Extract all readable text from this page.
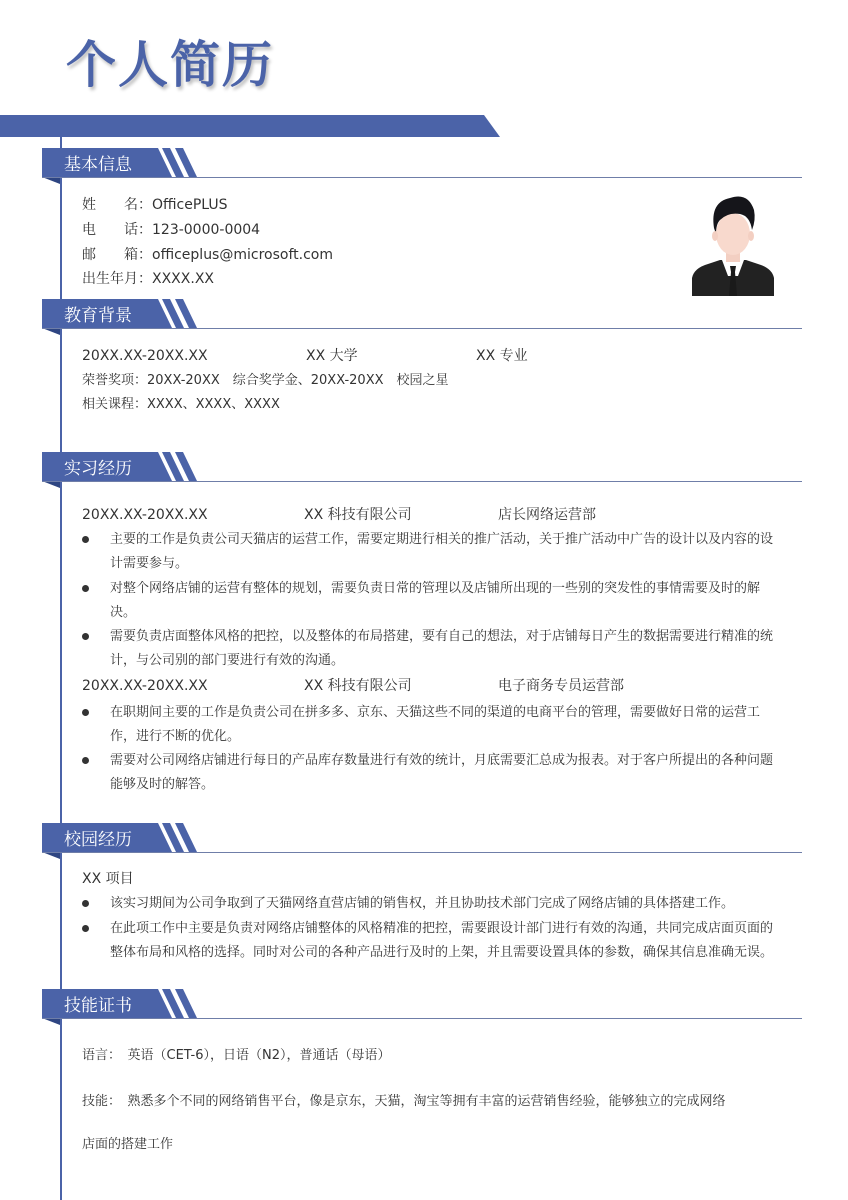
个人简历
基本信息
姓　　名：OfficePLUS
电　　话：123-0000-0004
邮　　箱：officeplus@microsoft.com
出生年月：XXXX.XX
教育背景
20XX.XX-20XX.XX	XX 大学	XX 专业
荣誉奖项：20XX-20XX　综合奖学金、20XX-20XX　校园之星
相关课程：XXXX、XXXX、XXXX
实习经历
20XX.XX-20XX.XX	XX 科技有限公司	店长网络运营部
主要的工作是负责公司天猫店的运营工作，需要定期进行相关的推广活动，关于推广活动中广告的设计以及内容的设计需要参与。
对整个网络店铺的运营有整体的规划，需要负责日常的管理以及店铺所出现的一些别的突发性的事情需要及时的解决。
需要负责店面整体风格的把控，以及整体的布局搭建，要有自己的想法，对于店铺每日产生的数据需要进行精准的统计，与公司别的部门要进行有效的沟通。
20XX.XX-20XX.XX	XX 科技有限公司	电子商务专员运营部
在职期间主要的工作是负责公司在拼多多、京东、天猫这些不同的渠道的电商平台的管理，需要做好日常的运营工作，进行不断的优化。
需要对公司网络店铺进行每日的产品库存数量进行有效的统计，月底需要汇总成为报表。对于客户所提出的各种问题能够及时的解答。
校园经历
XX 项目
该实习期间为公司争取到了天猫网络直营店铺的销售权，并且协助技术部门完成了网络店铺的具体搭建工作。
在此项工作中主要是负责对网络店铺整体的风格精准的把控，需要跟设计部门进行有效的沟通，共同完成店面页面的整体布局和风格的选择。同时对公司的各种产品进行及时的上架，并且需要设置具体的参数，确保其信息准确无误。
技能证书
语言：　英语（CET-6），日语（N2），普通话（母语）
技能：　熟悉多个不同的网络销售平台，像是京东，天猫，淘宝等拥有丰富的运营销售经验，能够独立的完成网络
店面的搭建工作
